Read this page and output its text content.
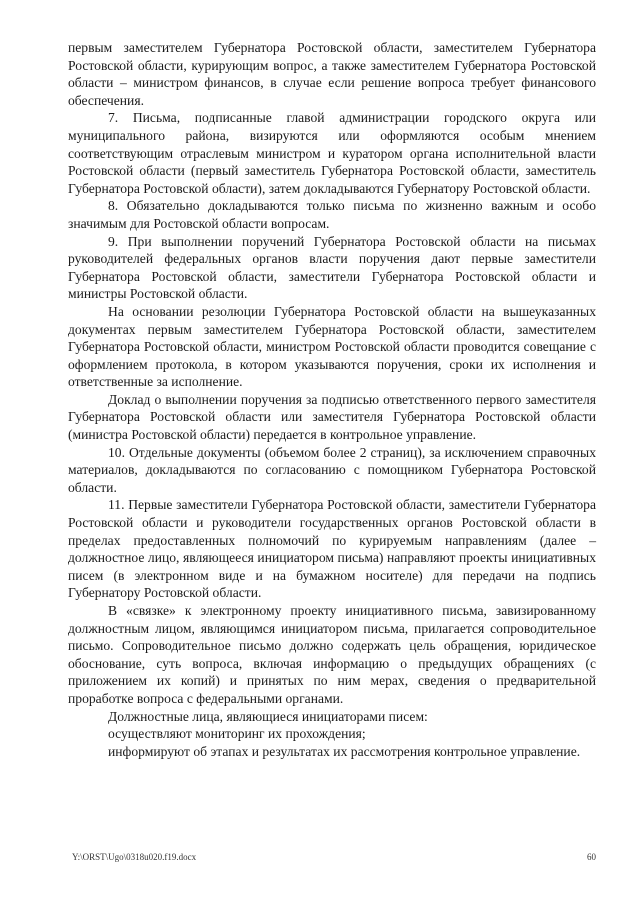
первым заместителем Губернатора Ростовской области, заместителем Губернатора Ростовской области, курирующим вопрос, а также заместителем Губернатора Ростовской области – министром финансов, в случае если решение вопроса требует финансового обеспечения.

7. Письма, подписанные главой администрации городского округа или муниципального района, визируются или оформляются особым мнением соответствующим отраслевым министром и куратором органа исполнительной власти Ростовской области (первый заместитель Губернатора Ростовской области, заместитель Губернатора Ростовской области), затем докладываются Губернатору Ростовской области.

8. Обязательно докладываются только письма по жизненно важным и особо значимым для Ростовской области вопросам.

9. При выполнении поручений Губернатора Ростовской области на письмах руководителей федеральных органов власти поручения дают первые заместители Губернатора Ростовской области, заместители Губернатора Ростовской области и министры Ростовской области.

На основании резолюции Губернатора Ростовской области на вышеуказанных документах первым заместителем Губернатора Ростовской области, заместителем Губернатора Ростовской области, министром Ростовской области проводится совещание с оформлением протокола, в котором указываются поручения, сроки их исполнения и ответственные за исполнение.

Доклад о выполнении поручения за подписью ответственного первого заместителя Губернатора Ростовской области или заместителя Губернатора Ростовской области (министра Ростовской области) передается в контрольное управление.

10. Отдельные документы (объемом более 2 страниц), за исключением справочных материалов, докладываются по согласованию с помощником Губернатора Ростовской области.

11. Первые заместители Губернатора Ростовской области, заместители Губернатора Ростовской области и руководители государственных органов Ростовской области в пределах предоставленных полномочий по курируемым направлениям (далее – должностное лицо, являющееся инициатором письма) направляют проекты инициативных писем (в электронном виде и на бумажном носителе) для передачи на подпись Губернатору Ростовской области.

В «связке» к электронному проекту инициативного письма, завизированному должностным лицом, являющимся инициатором письма, прилагается сопроводительное письмо. Сопроводительное письмо должно содержать цель обращения, юридическое обоснование, суть вопроса, включая информацию о предыдущих обращениях (с приложением их копий) и принятых по ним мерах, сведения о предварительной проработке вопроса с федеральными органами.

Должностные лица, являющиеся инициаторами писем:

осуществляют мониторинг их прохождения;

информируют об этапах и результатах их рассмотрения контрольное управление.

Y:\ORST\Ugo\0318u020.f19.docx	60
